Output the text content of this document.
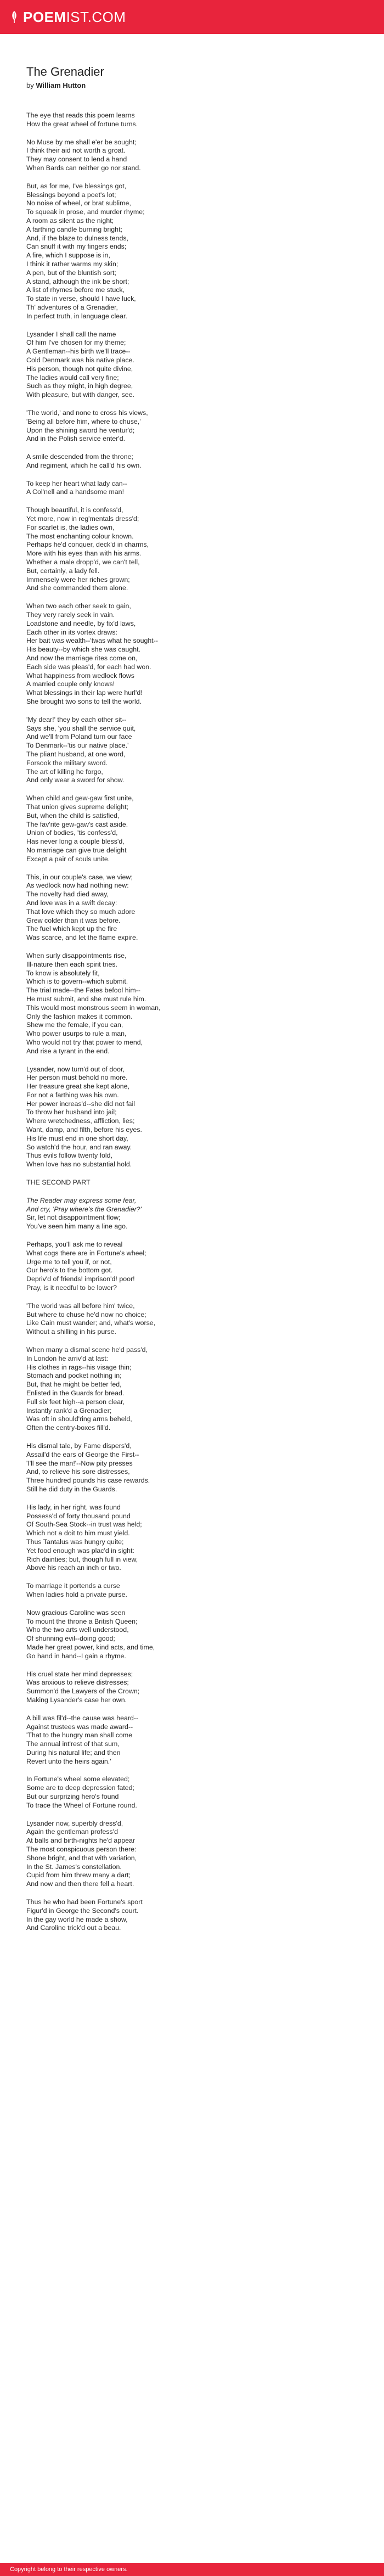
POEMIST.COM
The Grenadier

by William Hutton

The eye that reads this poem learns
How the great wheel of fortune turns.
No Muse by me shall e'er be sought;
I think their aid not worth a groat.
They may consent to lend a hand
When Bards can neither go nor stand.
But, as for me, I've blessings got,
Blessings beyond a poet's lot;
No noise of wheel, or brat sublime,
To squeak in prose, and murder rhyme;
A room as silent as the night;
A farthing candle burning bright;
And, if the blaze to dulness tends,
Can snuff it with my fingers ends;
A fire, which I suppose is in,
I think it rather warms my skin;
A pen, but of the bluntish sort;
A stand, although the ink be short;
A list of rhymes before me stuck,
To state in verse, should I have luck,
Th' adventures of a Grenadier,
In perfect truth, in language clear.
Lysander I shall call the name
Of him I've chosen for my theme;
A Gentleman--his birth we'll trace--
Cold Denmark was his native place.
His person, though not quite divine,
The ladies would call very fine;
Such as they might, in high degree,
With pleasure, but with danger, see.
'The world,' and none to cross his views,
'Being all before him, where to chuse,'
Upon the shining sword he ventur'd;
And in the Polish service enter'd.
A smile descended from the throne;
And regiment, which he call'd his own.
To keep her heart what lady can--
A Col'nell and a handsome man!
Though beautiful, it is confess'd,
Yet more, now in reg'mentals dress'd;
For scarlet is, the ladies own,
The most enchanting colour known.
Perhaps he'd conquer, deck'd in charms,
More with his eyes than with his arms.
Whether a male dropp'd, we can't tell,
But, certainly, a lady fell.
Immensely were her riches grown;
And she commanded them alone.
When two each other seek to gain,
They very rarely seek in vain.
Loadstone and needle, by fix'd laws,
Each other in its vortex draws:
Her bait was wealth--'twas what he sought--
His beauty--by which she was caught.
And now the marriage rites come on,
Each side was pleas'd, for each had won.
What happiness from wedlock flows
A married couple only knows!
What blessings in their lap were hurl'd!
She brought two sons to tell the world.
'My dear!' they by each other sit--
Says she, 'you shall the service quit,
And we'll from Poland turn our face
To Denmark--'tis our native place.'
The pliant husband, at one word,
Forsook the military sword.
The art of killing he forgo,
And only wear a sword for show.
When child and gew-gaw first unite,
That union gives supreme delight;
But, when the child is satisfied,
The fav'rite gew-gaw's cast aside.
Union of bodies, 'tis confess'd,
Has never long a couple bless'd,
No marriage can give true delight
Except a pair of souls unite.
This, in our couple's case, we view;
As wedlock now had nothing new:
The novelty had died away,
And love was in a swift decay:
That love which they so much adore
Grew colder than it was before.
The fuel which kept up the fire
Was scarce, and let the flame expire.
When surly disappointments rise,
Ill-nature then each spirit tries.
To know is absolutely fit,
Which is to govern--which submit.
The trial made--the Fates befool him--
He must submit, and she must rule him.
This would most monstrous seem in woman,
Only the fashion makes it common.
Shew me the female, if you can,
Who power usurps to rule a man,
Who would not try that power to mend,
And rise a tyrant in the end.
Lysander, now turn'd out of door,
Her person must behold no more.
Her treasure great she kept alone,
For not a farthing was his own.
Her power increas'd--she did not fail
To throw her husband into jail;
Where wretchedness, affliction, lies;
Want, damp, and filth, before his eyes.
His life must end in one short day,
So watch'd the hour, and ran away.
Thus evils follow twenty fold,
When love has no substantial hold.
THE SECOND PART
The Reader may express some fear,
And cry, 'Pray where's the Grenadier?'
Sir, let not disappointment flow;
You've seen him many a line ago.
Perhaps, you'll ask me to reveal
What cogs there are in Fortune's wheel;
Urge me to tell you if, or not,
Our hero's to the bottom got.
Depriv'd of friends! imprison'd! poor!
Pray, is it needful to be lower?
'The world was all before him' twice,
But where to chuse he'd now no choice;
Like Cain must wander; and, what's worse,
Without a shilling in his purse.
When many a dismal scene he'd pass'd,
In London he arriv'd at last:
His clothes in rags--his visage thin;
Stomach and pocket nothing in;
But, that he might be better fed,
Enlisted in the Guards for bread.
Full six feet high--a person clear,
Instantly rank'd a Grenadier;
Was oft in should'ring arms beheld,
Often the centry-boxes fill'd.
His dismal tale, by Fame dispers'd,
Assail'd the ears of George the First--
'I'll see the man!'--Now pity presses
And, to relieve his sore distresses,
Three hundred pounds his case rewards.
Still he did duty in the Guards.
His lady, in her right, was found
Possess'd of forty thousand pound
Of South-Sea Stock--in trust was held;
Which not a doit to him must yield.
Thus Tantalus was hungry quite;
Yet food enough was plac'd in sight:
Rich dainties; but, though full in view,
Above his reach an inch or two.
To marriage it portends a curse
When ladies hold a private purse.
Now gracious Caroline was seen
To mount the throne a British Queen;
Who the two arts well understood,
Of shunning evil--doing good;
Made her great power, kind acts, and time,
Go hand in hand--I gain a rhyme.
His cruel state her mind depresses;
Was anxious to relieve distresses;
Summon'd the Lawyers of the Crown;
Making Lysander's case her own.
A bill was fil'd--the cause was heard--
Against trustees was made award--
'That to the hungry man shall come
The annual int'rest of that sum,
During his natural life; and then
Revert unto the heirs again.'
In Fortune's wheel some elevated;
Some are to deep depression fated;
But our surprizing hero's found
To trace the Wheel of Fortune round.
Lysander now, superbly dress'd,
Again the gentleman profess'd
At balls and birth-nights he'd appear
The most conspicuous person there:
Shone bright, and that with variation,
In the St. James's constellation.
Cupid from him threw many a dart;
And now and then there fell a heart.
Thus he who had been Fortune's sport
Figur'd in George the Second's court.
In the gay world he made a show,
And Caroline trick'd out a beau.
Copyright belong to their respective owners.
